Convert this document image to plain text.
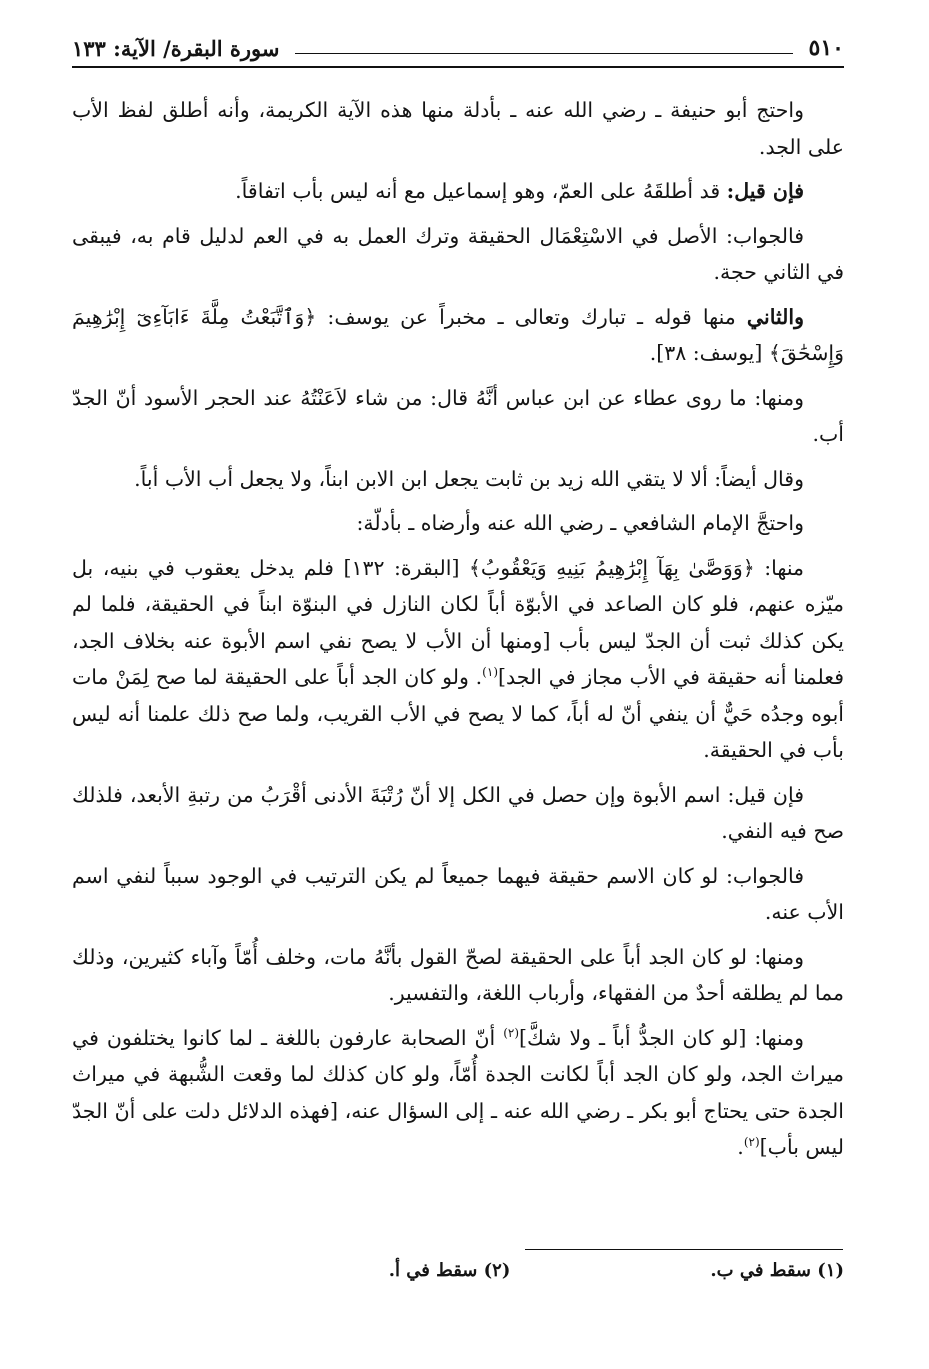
٥١٠
سورة البقرة/ الآية: ١٣٣

واحتج أبو حنيفة ـ رضي الله عنه ـ بأدلة منها هذه الآية الكريمة، وأنه أطلق لفظ الأب على الجد.

فإن قيل: قد أطلقَهُ على العمّ، وهو إسماعيل مع أنه ليس بأب اتفاقاً.

فالجواب: الأصل في الاسْتِعْمَال الحقيقة وترك العمل به في العم لدليل قام به، فيبقى في الثاني حجة.

والثاني منها قوله ـ تبارك وتعالى ـ مخبراً عن يوسف: ﴿وَٱتَّبَعْتُ مِلَّةَ ءَابَآءِىٓ إِبْرَٰهِيمَ وَإِسْحَٰقَ﴾ [يوسف: ٣٨].

ومنها: ما روى عطاء عن ابن عباس أنَّهُ قال: من شاء لاَعَنْتُهُ عند الحجر الأسود أنّ الجدّ أب.

وقال أيضاً: ألا لا يتقي الله زيد بن ثابت يجعل ابن الابن ابناً، ولا يجعل أب الأب أباً.

واحتجَّ الإمام الشافعي ـ رضي الله عنه وأرضاه ـ بأدلّة:

منها: ﴿وَوَصَّىٰ بِهَآ إِبْرَٰهِيمُ بَنِيهِ وَيَعْقُوبُ﴾ [البقرة: ١٣٢] فلم يدخل يعقوب في بنيه، بل ميّزه عنهم، فلو كان الصاعد في الأبوّة أباً لكان النازل في البنوّة ابناً في الحقيقة، فلما لم يكن كذلك ثبت أن الجدّ ليس بأب [ومنها أن الأب لا يصح نفي اسم الأبوة عنه بخلاف الجد، فعلمنا أنه حقيقة في الأب مجاز في الجد]$^{(١)}$. ولو كان الجد أباً على الحقيقة لما صح لِمَنْ مات أبوه وجدُه حَيٌّ أن ينفي أنّ له أباً، كما لا يصح في الأب القريب، ولما صح ذلك علمنا أنه ليس بأب في الحقيقة.

فإن قيل: اسم الأبوة وإن حصل في الكل إلا أنّ رُتْبَةَ الأدنى أقْرَبُ من رتبةِ الأبعد، فلذلك صح فيه النفي.

فالجواب: لو كان الاسم حقيقة فيهما جميعاً لم يكن الترتيب في الوجود سبباً لنفي اسم الأب عنه.

ومنها: لو كان الجد أباً على الحقيقة لصحّ القول بأنَّهُ مات، وخلف أُمّاً وآباء كثيرين، وذلك مما لم يطلقه أحدٌ من الفقهاء، وأرباب اللغة، والتفسير.

ومنها: [لو كان الجدُّ أباً ـ ولا شكَّ]$^{(٢)}$ أنّ الصحابة عارفون باللغة ـ لما كانوا يختلفون في ميراث الجد، ولو كان الجد أباً لكانت الجدة أُمّاً، ولو كان كذلك لما وقعت الشُّبهة في ميراث الجدة حتى يحتاج أبو بكر ـ رضي الله عنه ـ إلى السؤال عنه، [فهذه الدلائل دلت على أنّ الجدّ ليس بأب]$^{(٢)}$.

(١) سقط في ب.
(٢) سقط في أ.
